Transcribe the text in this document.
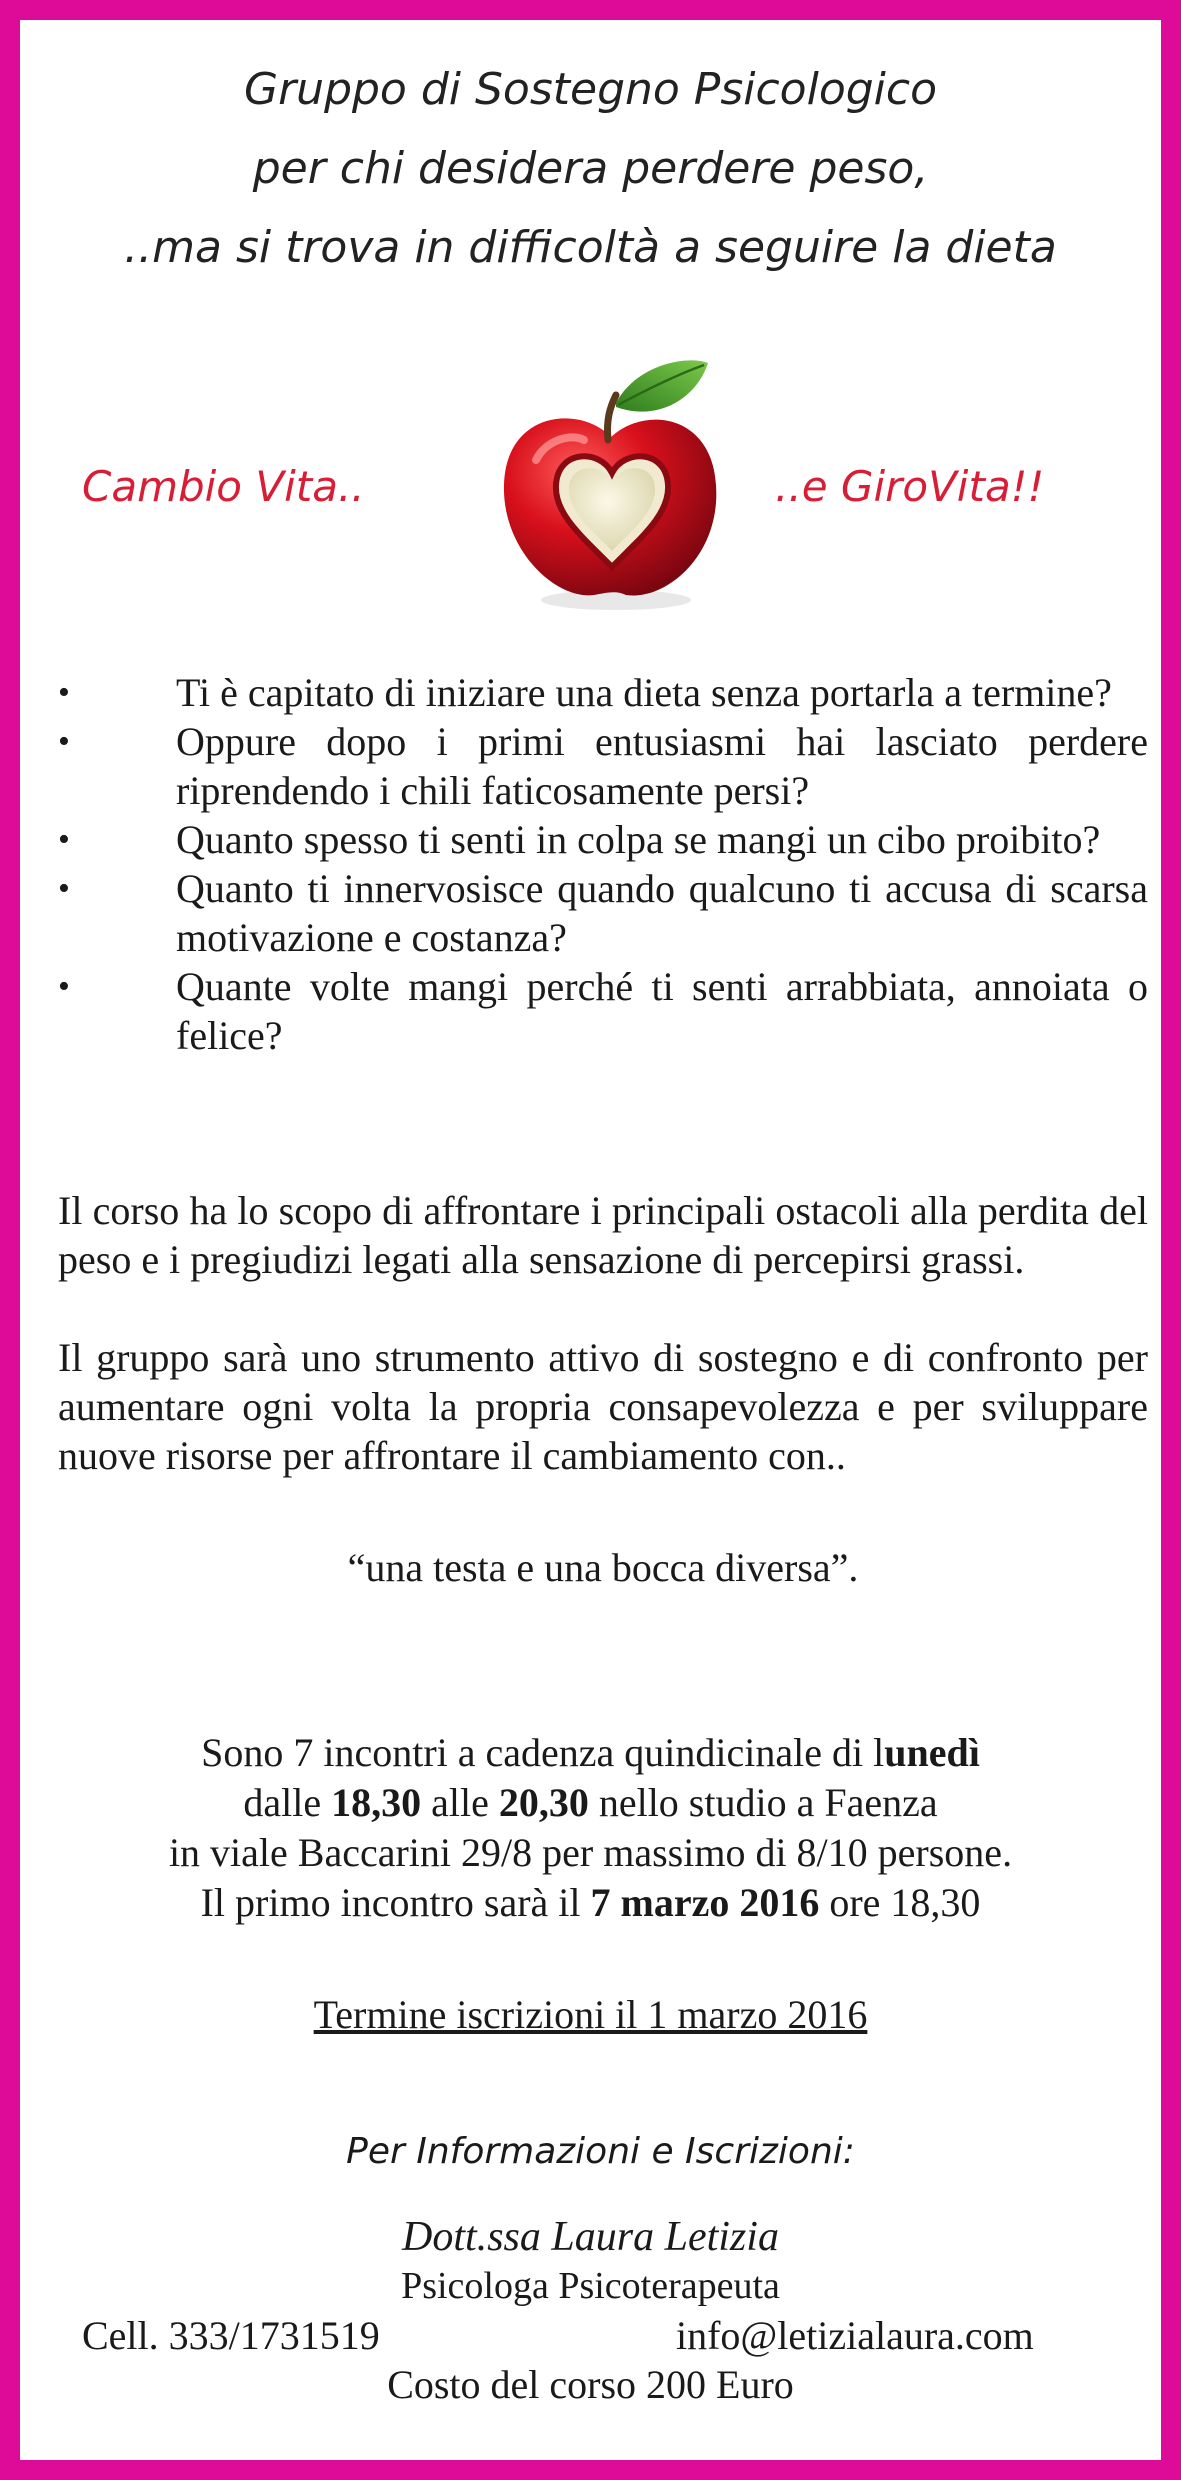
Gruppo di Sostegno Psicologico
per chi desidera perdere peso,
..ma si trova in difficoltà a seguire la dieta
Cambio Vita..	..e GiroVita!!
• Ti è capitato di iniziare una dieta senza portarla a termine?
• Oppure dopo i primi entusiasmi hai lasciato perdere riprendendo i chili faticosamente persi?
• Quanto spesso ti senti in colpa se mangi un cibo proibito?
• Quanto ti innervosisce quando qualcuno ti accusa di scarsa motivazione e costanza?
• Quante volte mangi perché ti senti arrabbiata, annoiata o felice?

Il corso ha lo scopo di affrontare i principali ostacoli alla perdita del peso e i pregiudizi legati alla sensazione di percepirsi grassi.

Il gruppo sarà uno strumento attivo di sostegno e di confronto per aumentare ogni volta la propria consapevolezza e per sviluppare nuove risorse per affrontare il cambiamento con..

“una testa e una bocca diversa”.
Sono 7 incontri a cadenza quindicinale di lunedì
dalle 18,30 alle 20,30 nello studio a Faenza
in viale Baccarini 29/8 per massimo di 8/10 persone.
Il primo incontro sarà il 7 marzo 2016 ore 18,30
Termine iscrizioni il 1 marzo 2016
Per Informazioni e Iscrizioni:
Dott.ssa Laura Letizia
Psicologa Psicoterapeuta
Cell. 333/1731519	info@letizialaura.com
Costo del corso 200 Euro
